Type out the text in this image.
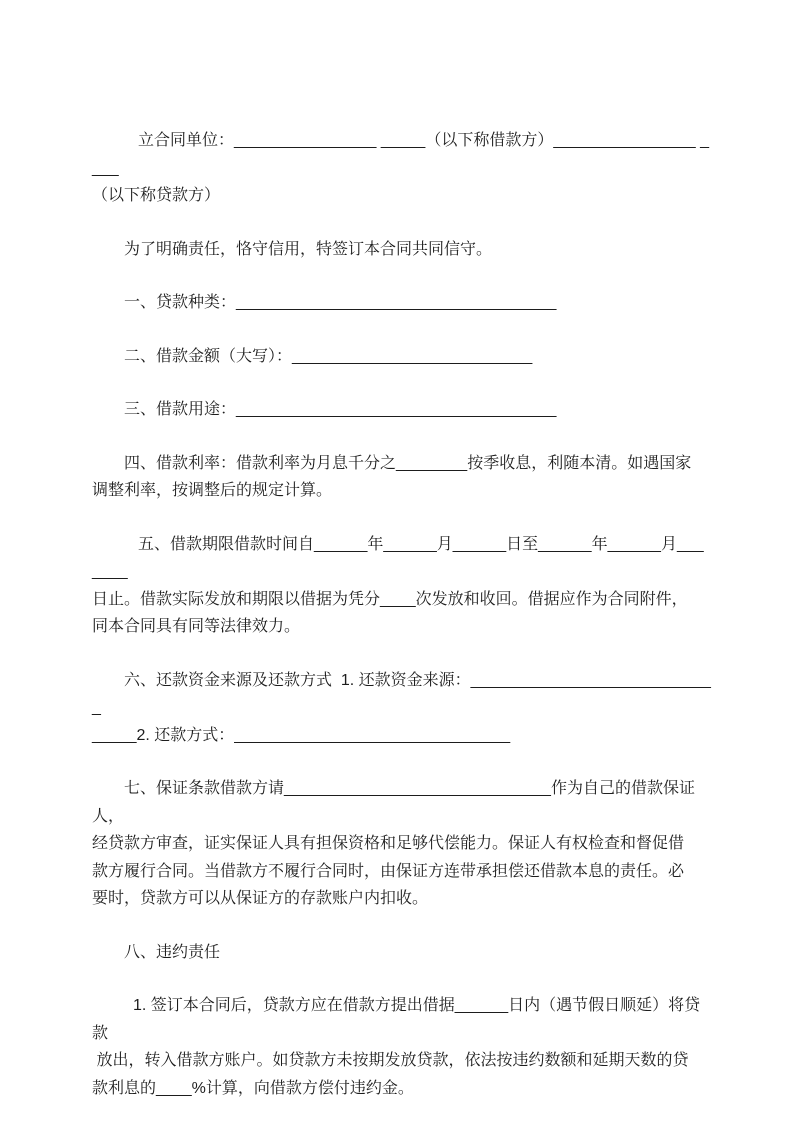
立合同单位：________________ _____（以下称借款方）________________ ____
（以下称贷款方）
为了明确责任，恪守信用，特签订本合同共同信守。
一、贷款种类：____________________________________
二、借款金额（大写）：___________________________
三、借款用途：____________________________________
四、借款利率：借款利率为月息千分之________按季收息，利随本清。如遇国家
调整利率，按调整后的规定计算。
五、借款期限借款时间自______年______月______日至______年______月_______
日止。借款实际发放和期限以借据为凭分____次发放和收回。借据应作为合同附件，
同本合同具有同等法律效力。
六、还款资金来源及还款方式  1. 还款资金来源：____________________________
_____2. 还款方式：_______________________________
七、保证条款借款方请______________________________作为自己的借款保证人，
经贷款方审查，证实保证人具有担保资格和足够代偿能力。保证人有权检查和督促借
款方履行合同。当借款方不履行合同时，由保证方连带承担偿还借款本息的责任。必
要时，贷款方可以从保证方的存款账户内扣收。
八、违约责任
1. 签订本合同后，贷款方应在借款方提出借据______日内（遇节假日顺延）将贷款
放出，转入借款方账户。如贷款方未按期发放贷款，依法按违约数额和延期天数的贷
款利息的____%计算，向借款方偿付违约金。
